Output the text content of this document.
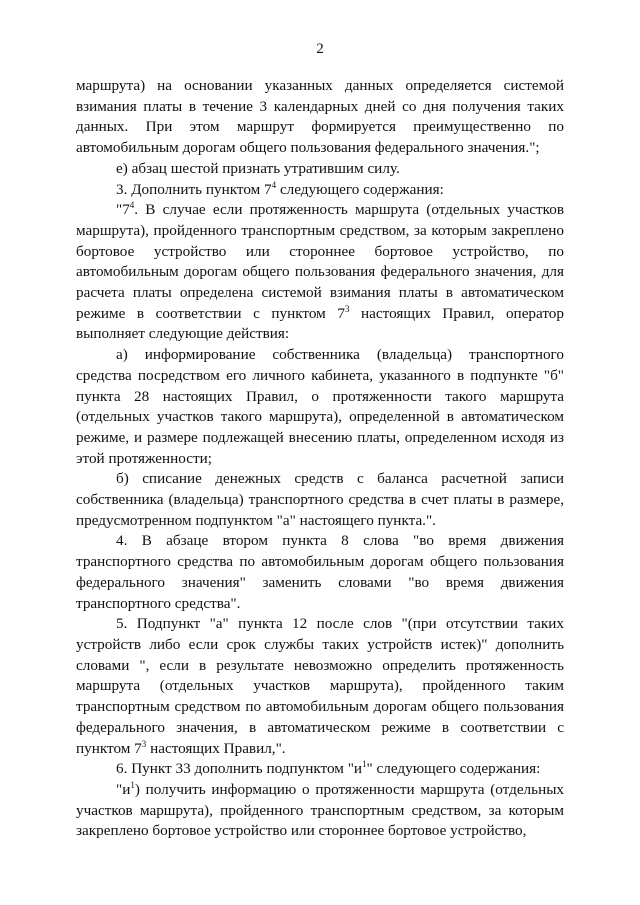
2

маршрута) на основании указанных данных определяется системой взимания платы в течение 3 календарных дней со дня получения таких данных. При этом маршрут формируется преимущественно по автомобильным дорогам общего пользования федерального значения.";

е) абзац шестой признать утратившим силу.

3. Дополнить пунктом $7^4$ следующего содержания:

"$7^4$. В случае если протяженность маршрута (отдельных участков маршрута), пройденного транспортным средством, за которым закреплено бортовое устройство или стороннее бортовое устройство, по автомобильным дорогам общего пользования федерального значения, для расчета платы определена системой взимания платы в автоматическом режиме в соответствии с пунктом $7^3$ настоящих Правил, оператор выполняет следующие действия:

а) информирование собственника (владельца) транспортного средства посредством его личного кабинета, указанного в подпункте "б" пункта 28 настоящих Правил, о протяженности такого маршрута (отдельных участков такого маршрута), определенной в автоматическом режиме, и размере подлежащей внесению платы, определенном исходя из этой протяженности;

б) списание денежных средств с баланса расчетной записи собственника (владельца) транспортного средства в счет платы в размере, предусмотренном подпунктом "а" настоящего пункта.".

4. В абзаце втором пункта 8 слова "во время движения транспортного средства по автомобильным дорогам общего пользования федерального значения" заменить словами "во время движения транспортного средства".

5. Подпункт "а" пункта 12 после слов "(при отсутствии таких устройств либо если срок службы таких устройств истек)" дополнить словами ", если в результате невозможно определить протяженность маршрута (отдельных участков маршрута), пройденного таким транспортным средством по автомобильным дорогам общего пользования федерального значения, в автоматическом режиме в соответствии с пунктом $7^3$ настоящих Правил,".

6. Пункт 33 дополнить подпунктом "$и^1$" следующего содержания:

"$и^1$) получить информацию о протяженности маршрута (отдельных участков маршрута), пройденного транспортным средством, за которым закреплено бортовое устройство или стороннее бортовое устройство,
